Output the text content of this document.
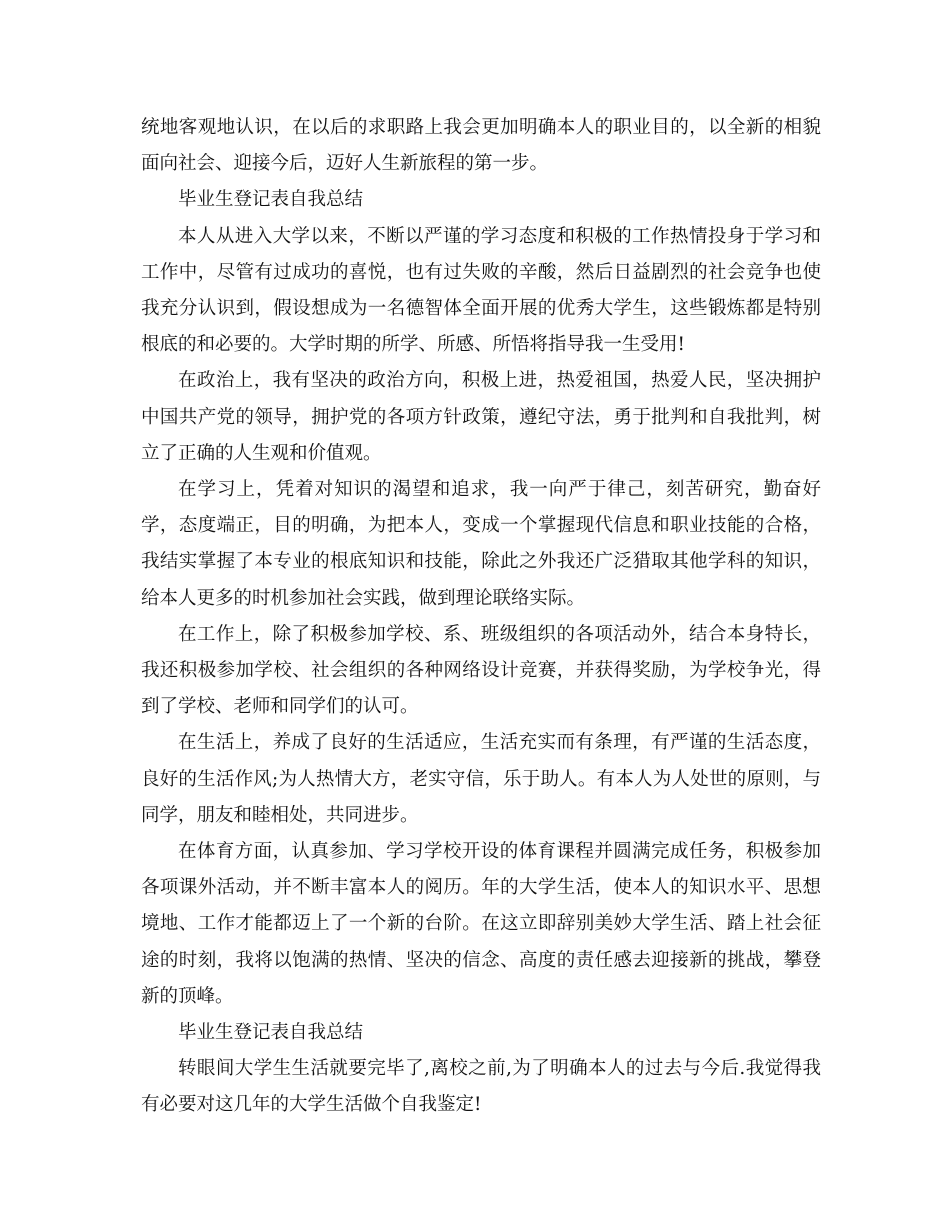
统地客观地认识，在以后的求职路上我会更加明确本人的职业目的，以全新的相貌面向社会、迎接今后，迈好人生新旅程的第一步。

毕业生登记表自我总结

本人从进入大学以来，不断以严谨的学习态度和积极的工作热情投身于学习和工作中，尽管有过成功的喜悦，也有过失败的辛酸，然后日益剧烈的社会竞争也使我充分认识到，假设想成为一名德智体全面开展的优秀大学生，这些锻炼都是特别根底的和必要的。大学时期的所学、所感、所悟将指导我一生受用!

在政治上，我有坚决的政治方向，积极上进，热爱祖国，热爱人民，坚决拥护中国共产党的领导，拥护党的各项方针政策，遵纪守法，勇于批判和自我批判，树立了正确的人生观和价值观。

在学习上，凭着对知识的渴望和追求，我一向严于律己，刻苦研究，勤奋好学，态度端正，目的明确，为把本人，变成一个掌握现代信息和职业技能的合格，我结实掌握了本专业的根底知识和技能，除此之外我还广泛猎取其他学科的知识，给本人更多的时机参加社会实践，做到理论联络实际。

在工作上，除了积极参加学校、系、班级组织的各项活动外，结合本身特长，我还积极参加学校、社会组织的各种网络设计竞赛，并获得奖励，为学校争光，得到了学校、老师和同学们的认可。

在生活上，养成了良好的生活适应，生活充实而有条理，有严谨的生活态度，良好的生活作风;为人热情大方，老实守信，乐于助人。有本人为人处世的原则，与同学，朋友和睦相处，共同进步。

在体育方面，认真参加、学习学校开设的体育课程并圆满完成任务，积极参加各项课外活动，并不断丰富本人的阅历。年的大学生活，使本人的知识水平、思想境地、工作才能都迈上了一个新的台阶。在这立即辞别美妙大学生活、踏上社会征途的时刻，我将以饱满的热情、坚决的信念、高度的责任感去迎接新的挑战，攀登新的顶峰。

毕业生登记表自我总结

转眼间大学生生活就要完毕了,离校之前,为了明确本人的过去与今后.我觉得我有必要对这几年的大学生活做个自我鉴定!
